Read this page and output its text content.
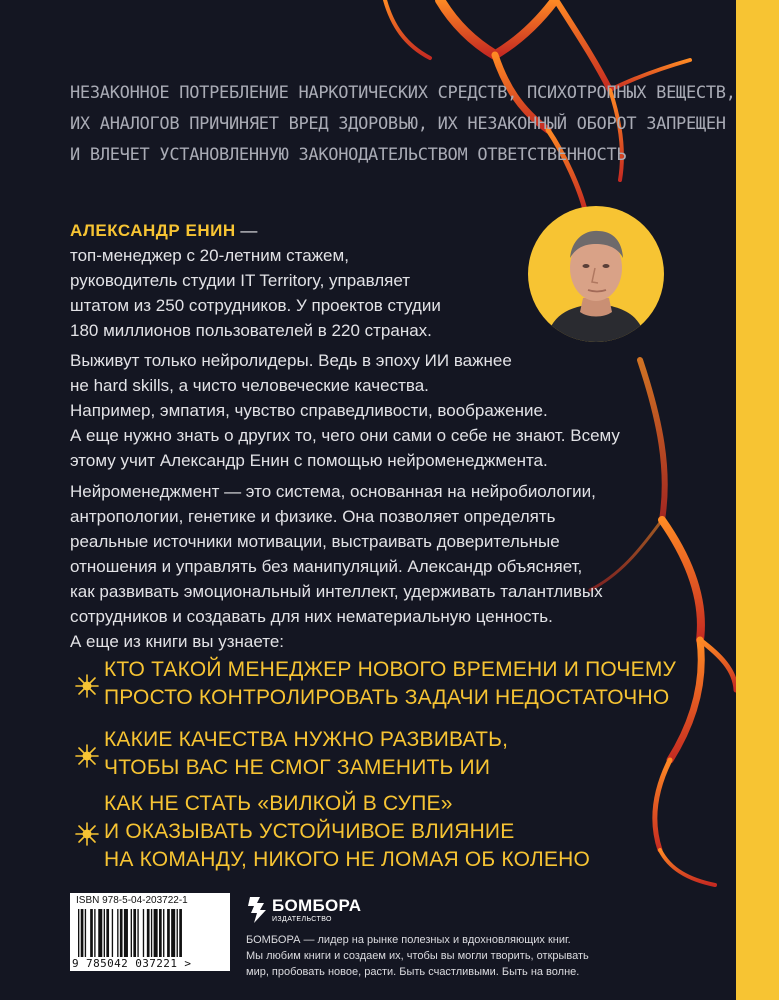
НЕЗАКОННОЕ ПОТРЕБЛЕНИЕ НАРКОТИЧЕСКИХ СРЕДСТВ, ПСИХОТРОПНЫХ ВЕЩЕСТВ,
ИХ АНАЛОГОВ ПРИЧИНЯЕТ ВРЕД ЗДОРОВЬЮ, ИХ НЕЗАКОННЫЙ ОБОРОТ ЗАПРЕЩЕН
И ВЛЕЧЕТ УСТАНОВЛЕННУЮ ЗАКОНОДАТЕЛЬСТВОМ ОТВЕТСТВЕННОСТЬ

АЛЕКСАНДР ЕНИН —
топ-менеджер с 20-летним стажем,
руководитель студии IT Territory, управляет
штатом из 250 сотрудников. У проектов студии
180 миллионов пользователей в 220 странах.

Выживут только нейролидеры. Ведь в эпоху ИИ важнее
не hard skills, а чисто человеческие качества.
Например, эмпатия, чувство справедливости, воображение.
А еще нужно знать о других то, чего они сами о себе не знают. Всему
этому учит Александр Енин с помощью нейроменеджмента.

Нейроменеджмент — это система, основанная на нейробиологии,
антропологии, генетике и физике. Она позволяет определять
реальные источники мотивации, выстраивать доверительные
отношения и управлять без манипуляций. Александр объясняет,
как развивать эмоциональный интеллект, удерживать талантливых
сотрудников и создавать для них нематериальную ценность.
А еще из книги вы узнаете:

КТО ТАКОЙ МЕНЕДЖЕР НОВОГО ВРЕМЕНИ И ПОЧЕМУ
ПРОСТО КОНТРОЛИРОВАТЬ ЗАДАЧИ НЕДОСТАТОЧНО
КАКИЕ КАЧЕСТВА НУЖНО РАЗВИВАТЬ,
ЧТОБЫ ВАС НЕ СМОГ ЗАМЕНИТЬ ИИ
КАК НЕ СТАТЬ «ВИЛКОЙ В СУПЕ»
И ОКАЗЫВАТЬ УСТОЙЧИВОЕ ВЛИЯНИЕ
НА КОМАНДУ, НИКОГО НЕ ЛОМАЯ ОБ КОЛЕНО
ISBN 978-5-04-203722-1
9 785042 037221 >
БОМБОРА
ИЗДАТЕЛЬСТВО

БОМБОРА — лидер на рынке полезных и вдохновляющих книг.
Мы любим книги и создаем их, чтобы вы могли творить, открывать
мир, пробовать новое, расти. Быть счастливыми. Быть на волне.
